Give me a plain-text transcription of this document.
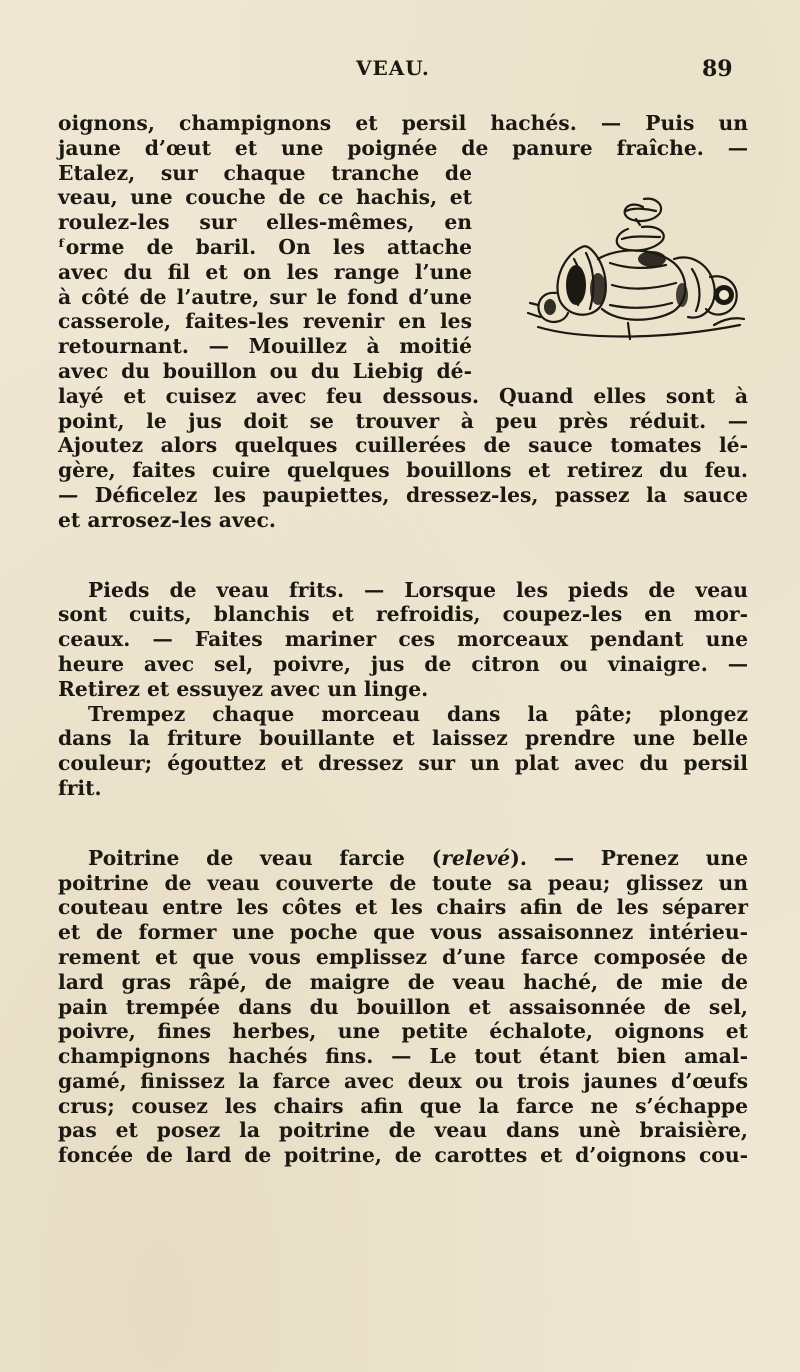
VEAU.	89

oignons, champignons et persil hachés. — Puis un
jaune d’œut et une poignée de panure fraîche. —
Etalez, sur chaque tranche de
veau, une couche de ce hachis, et
roulez-les sur elles-mêmes, en
ᶠorme de baril. On les attache
avec du fil et on les range l’une
à côté de l’autre, sur le fond d’une
casserole, faites-les revenir en les
retournant. — Mouillez à moitié
avec du bouillon ou du Liebig dé-
layé et cuisez avec feu dessous. Quand elles sont à
point, le jus doit se trouver à peu près réduit. —
Ajoutez alors quelques cuillerées de sauce tomates lé-
gère, faites cuire quelques bouillons et retirez du feu.
— Déficelez les paupiettes, dressez-les, passez la sauce
et arrosez-les avec.

Pieds de veau frits. — Lorsque les pieds de veau
sont cuits, blanchis et refroidis, coupez-les en mor-
ceaux. — Faites mariner ces morceaux pendant une
heure avec sel, poivre, jus de citron ou vinaigre. —
Retirez et essuyez avec un linge.
Trempez chaque morceau dans la pâte; plongez
dans la friture bouillante et laissez prendre une belle
couleur; égouttez et dressez sur un plat avec du persil
frit.

Poitrine de veau farcie (relevé). — Prenez une
poitrine de veau couverte de toute sa peau; glissez un
couteau entre les côtes et les chairs afin de les séparer
et de former une poche que vous assaisonnez intérieu-
rement et que vous emplissez d’une farce composée de
lard gras râpé, de maigre de veau haché, de mie de
pain trempée dans du bouillon et assaisonnée de sel,
poivre, fines herbes, une petite échalote, oignons et
champignons hachés fins. — Le tout étant bien amal-
gamé, finissez la farce avec deux ou trois jaunes d’œufs
crus; cousez les chairs afin que la farce ne s’échappe
pas et posez la poitrine de veau dans unè braisière,
foncée de lard de poitrine, de carottes et d’oignons cou-
